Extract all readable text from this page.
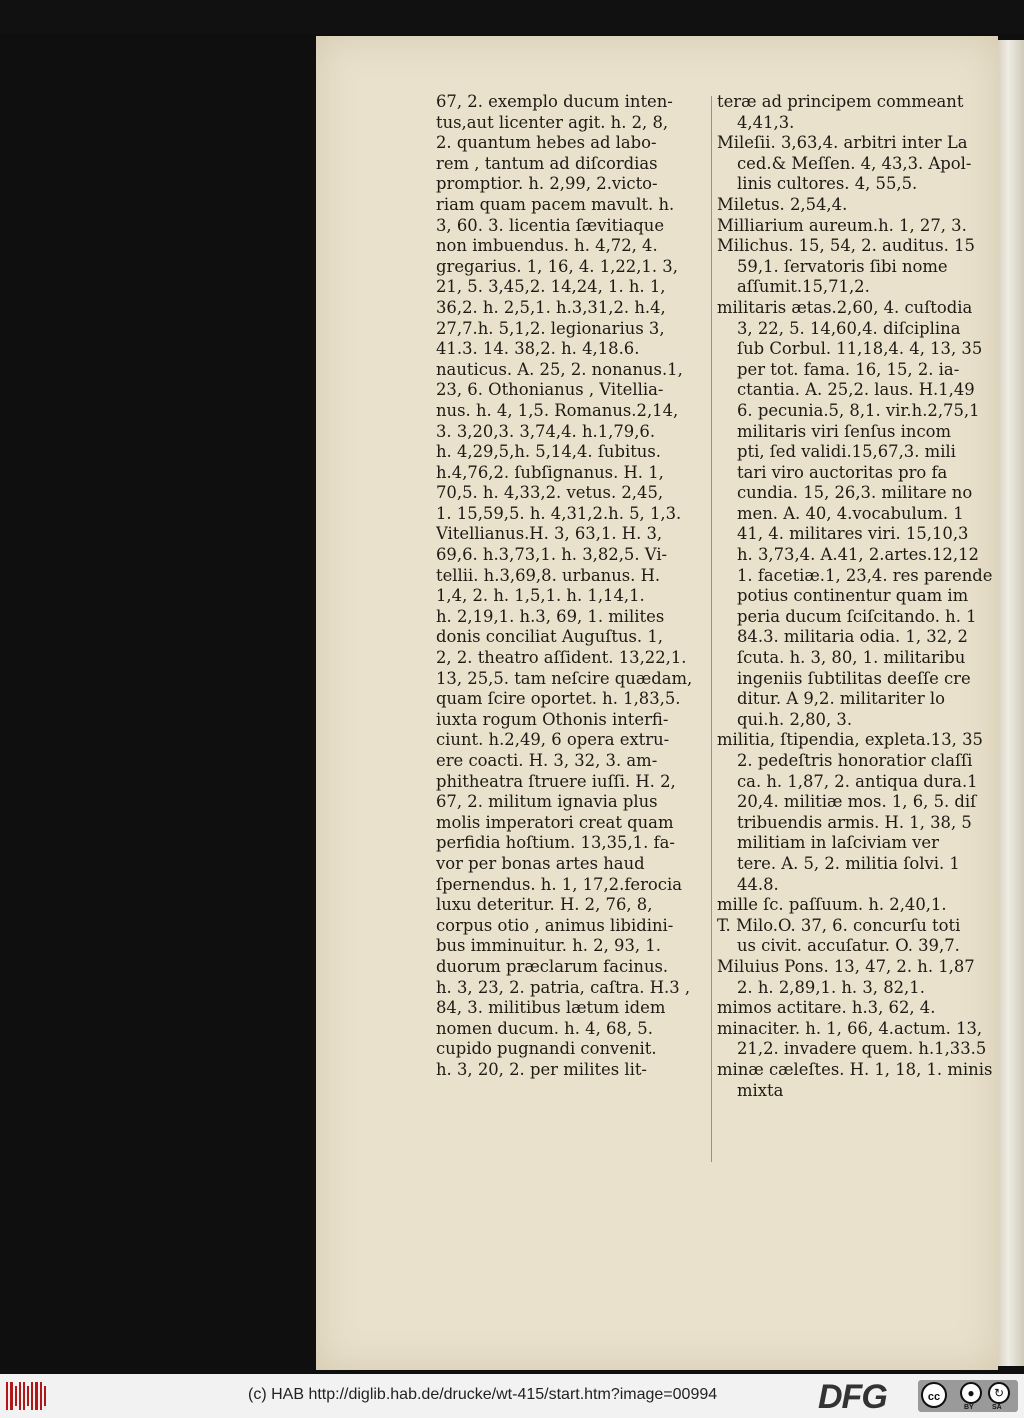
67, 2. exemplo ducum inten-
tus,aut licenter agit. h. 2, 8,
2. quantum hebes ad labo-
rem , tantum ad diſcordias
promptior. h. 2,99, 2.victo-
riam quam pacem mavult. h.
3, 60. 3. licentia ſævitiaque
non imbuendus. h. 4,72, 4.
gregarius. 1, 16, 4. 1,22,1. 3,
21, 5. 3,45,2. 14,24, 1. h. 1,
36,2. h. 2,5,1. h.3,31,2. h.4,
27,7.h. 5,1,2. legionarius 3,
41.3. 14. 38,2. h. 4,18.6.
nauticus. A. 25, 2. nonanus.1,
23, 6. Othonianus , Vitellia-
nus. h. 4, 1,5. Romanus.2,14,
3. 3,20,3. 3,74,4. h.1,79,6.
h. 4,29,5,h. 5,14,4. ſubitus.
h.4,76,2. ſubſignanus. H. 1,
70,5. h. 4,33,2. vetus. 2,45,
1. 15,59,5. h. 4,31,2.h. 5, 1,3.
Vitellianus.H. 3, 63,1. H. 3,
69,6. h.3,73,1. h. 3,82,5. Vi-
tellii. h.3,69,8. urbanus. H.
1,4, 2. h. 1,5,1. h. 1,14,1.
h. 2,19,1. h.3, 69, 1. milites
donis conciliat Auguſtus. 1,
2, 2. theatro aſſident. 13,22,1.
13, 25,5. tam neſcire quædam,
quam ſcire oportet. h. 1,83,5.
iuxta rogum Othonis interfi-
ciunt. h.2,49, 6 opera extru-
ere coacti. H. 3, 32, 3. am-
phitheatra ſtruere iuſſi. H. 2,
67, 2. militum ignavia plus
molis imperatori creat quam
perfidia hoſtium. 13,35,1. fa-
vor per bonas artes haud
ſpernendus. h. 1, 17,2.ferocia
luxu deteritur. H. 2, 76, 8,
corpus otio , animus libidini-
bus imminuitur. h. 2, 93, 1.
duorum præclarum facinus.
h. 3, 23, 2. patria, caſtra. H.3 ,
84, 3. militibus lætum idem
nomen ducum. h. 4, 68, 5.
cupido pugnandi convenit.
h. 3, 20, 2. per milites lit-
teræ ad principem commeant
4,41,3.
Mileſii. 3,63,4. arbitri inter La
ced.& Meſſen. 4, 43,3. Apol-
linis cultores. 4, 55,5.
Miletus. 2,54,4.
Milliarium aureum.h. 1, 27, 3.
Milichus. 15, 54, 2. auditus. 15
59,1. ſervatoris ſibi nome
aſſumit.15,71,2.
militaris ætas.2,60, 4. cuſtodia
3, 22, 5. 14,60,4. diſciplina
ſub Corbul. 11,18,4. 4, 13, 35
per tot. fama. 16, 15, 2. ia-
ctantia. A. 25,2. laus. H.1,49
6. pecunia.5, 8,1. vir.h.2,75,1
militaris viri ſenſus incom
pti, ſed validi.15,67,3. mili
tari viro auctoritas pro fa
cundia. 15, 26,3. militare no
men. A. 40, 4.vocabulum. 1
41, 4. militares viri. 15,10,3
h. 3,73,4. A.41, 2.artes.12,12
1. facetiæ.1, 23,4. res parende
potius continentur quam im
peria ducum ſciſcitando. h. 1
84.3. militaria odia. 1, 32, 2
ſcuta. h. 3, 80, 1. militaribu
ingeniis ſubtilitas deeſſe cre
ditur. A 9,2. militariter lo
qui.h. 2,80, 3.
militia, ſtipendia, expleta.13, 35
2. pedeſtris honoratior claſſi
ca. h. 1,87, 2. antiqua dura.1
20,4. militiæ mos. 1, 6, 5. diſ
tribuendis armis. H. 1, 38, 5
militiam in laſciviam ver
tere. A. 5, 2. militia ſolvi. 1
44.8.
mille ſc. paſſuum. h. 2,40,1.
T. Milo.O. 37, 6. concurſu toti
us civit. accuſatur. O. 39,7.
Miluius Pons. 13, 47, 2. h. 1,87
2. h. 2,89,1. h. 3, 82,1.
mimos actitare. h.3, 62, 4.
minaciter. h. 1, 66, 4.actum. 13,
21,2. invadere quem. h.1,33.5
minæ cæleſtes. H. 1, 18, 1. minis
mixta
(c) HAB http://diglib.hab.de/drucke/wt-415/start.htm?image=00994	DFG	cc	●	↻
BY	SA
